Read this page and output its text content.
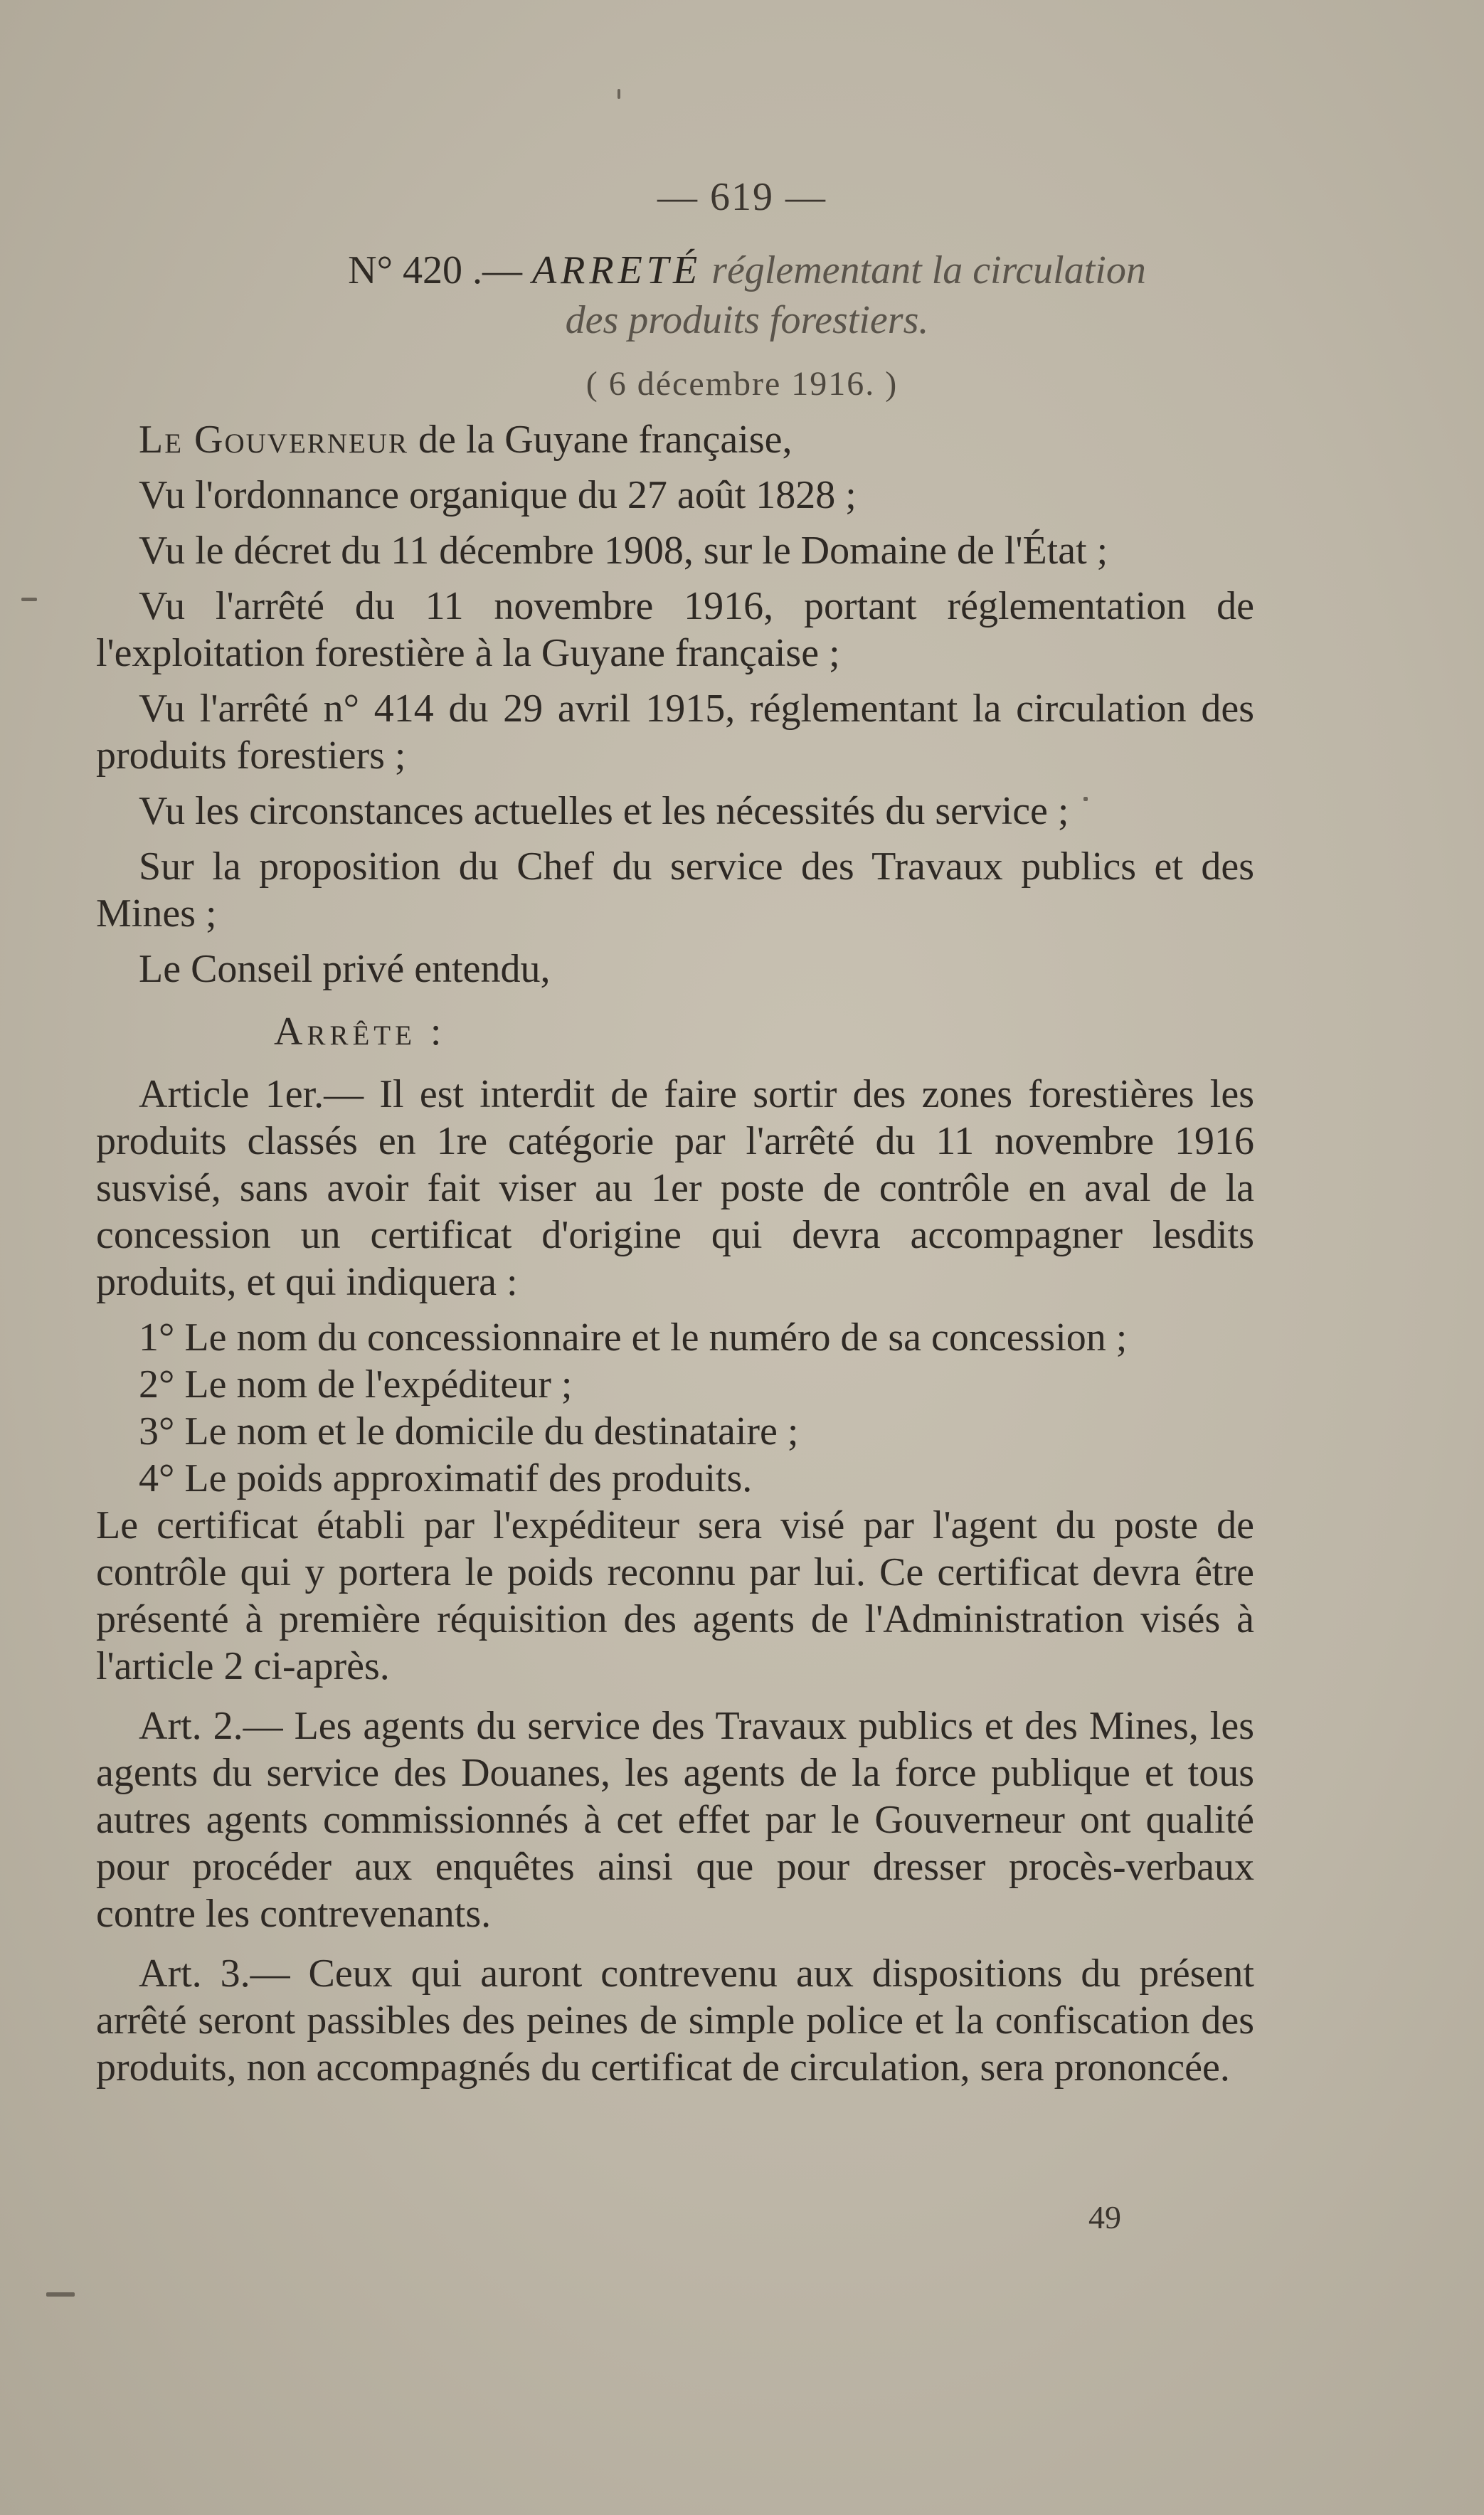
— 619 —
N° 420 .— ARRETÉ réglementant la circulation
des produits forestiers.
( 6 décembre 1916. )

Le Gouverneur de la Guyane française,

Vu l'ordonnance organique du 27 août 1828 ;

Vu le décret du 11 décembre 1908, sur le Domaine de l'État ;

Vu l'arrêté du 11 novembre 1916, portant réglementation de l'exploitation forestière à la Guyane française ;

Vu l'arrêté n° 414 du 29 avril 1915, réglementant la circulation des produits forestiers ;

Vu les circonstances actuelles et les nécessités du service ;

Sur la proposition du Chef du service des Travaux publics et des Mines ;

Le Conseil privé entendu,

Arrête :

Article 1er.— Il est interdit de faire sortir des zones forestières les produits classés en 1re catégorie par l'arrêté du 11 novembre 1916 susvisé, sans avoir fait viser au 1er poste de contrôle en aval de la concession un certificat d'origine qui devra accompagner lesdits produits, et qui indiquera :

1° Le nom du concessionnaire et le numéro de sa concession ;

2° Le nom de l'expéditeur ;

3° Le nom et le domicile du destinataire ;

4° Le poids approximatif des produits.

Le certificat établi par l'expéditeur sera visé par l'agent du poste de contrôle qui y portera le poids reconnu par lui. Ce certificat devra être présenté à première réquisition des agents de l'Administration visés à l'article 2 ci-après.

Art. 2.— Les agents du service des Travaux publics et des Mines, les agents du service des Douanes, les agents de la force publique et tous autres agents commissionnés à cet effet par le Gouverneur ont qualité pour procéder aux enquêtes ainsi que pour dresser procès-verbaux contre les contrevenants.

Art. 3.— Ceux qui auront contrevenu aux dispositions du présent arrêté seront passibles des peines de simple police et la confiscation des produits, non accompagnés du certificat de circulation, sera prononcée.

49
